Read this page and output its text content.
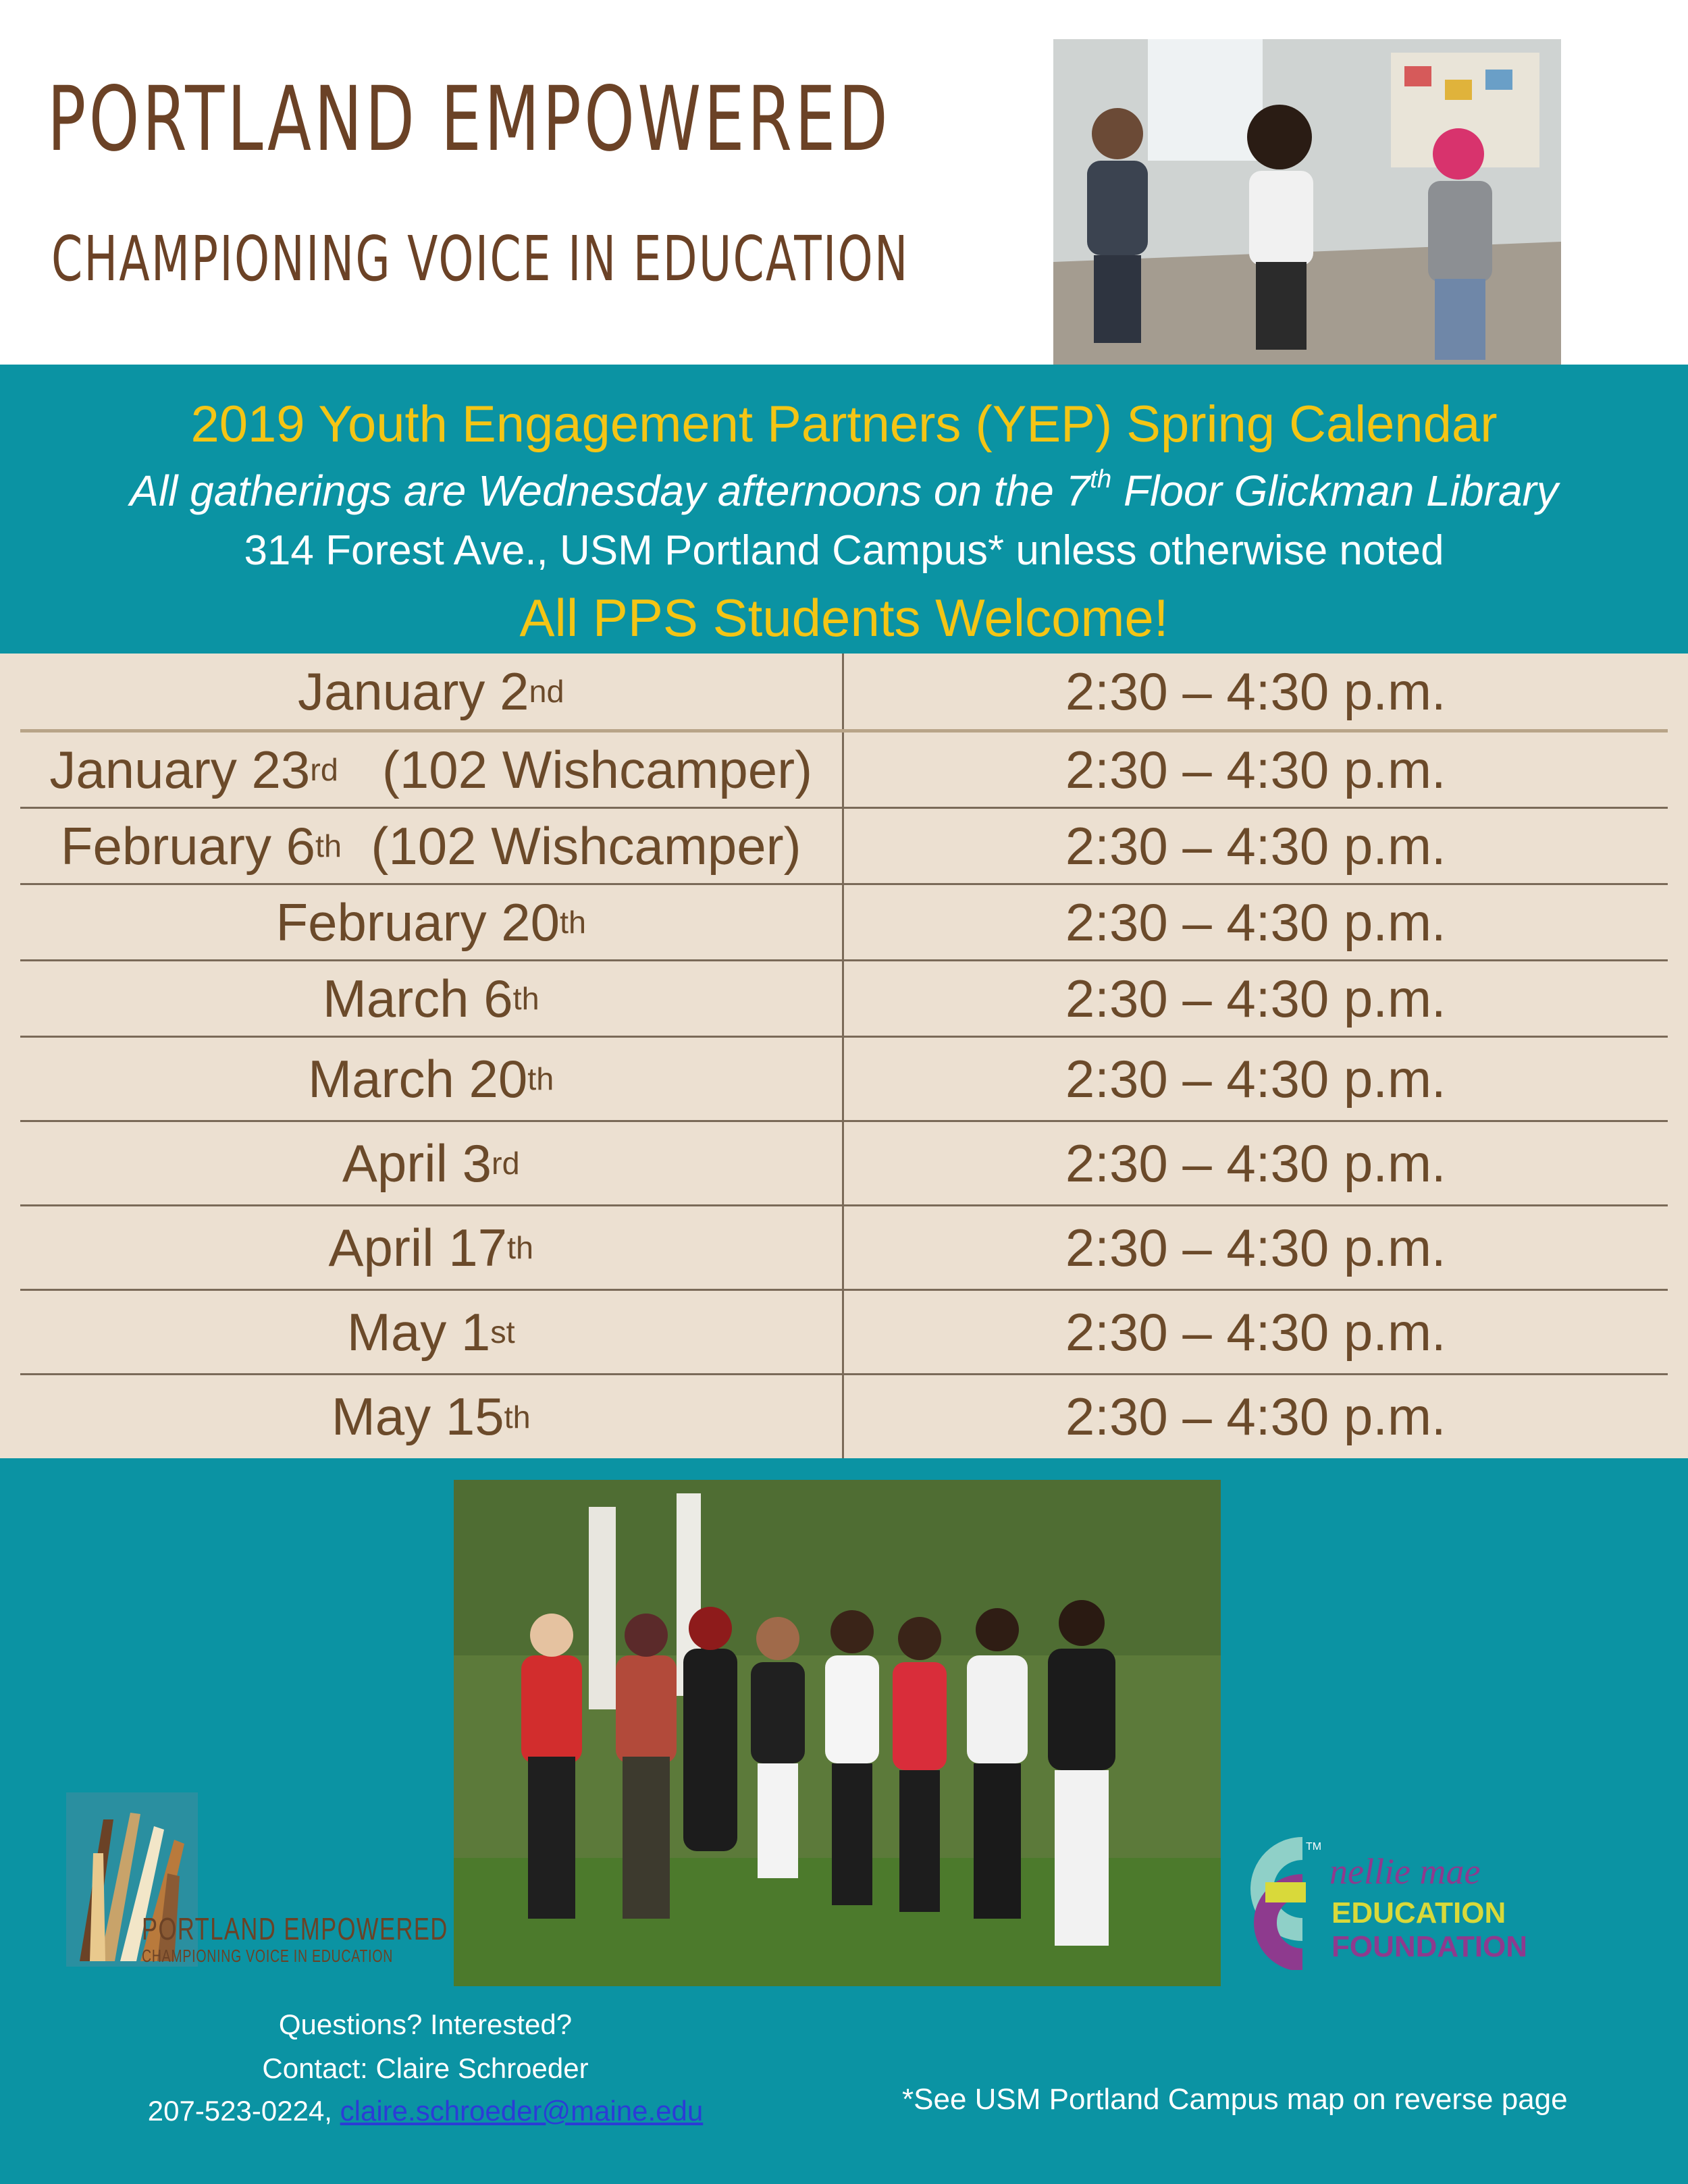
PORTLAND EMPOWERED
CHAMPIONING VOICE IN EDUCATION
2019 Youth Engagement Partners (YEP) Spring Calendar
All gatherings are Wednesday afternoons on the 7th Floor Glickman Library
314 Forest Ave., USM Portland Campus* unless otherwise noted
All PPS Students Welcome!
January 2 nd	2:30 – 4:30 p.m.
January 23 rd (102 Wishcamper)	2:30 – 4:30 p.m.
February 6 th (102 Wishcamper)	2:30 – 4:30 p.m.
February 20 th	2:30 – 4:30 p.m.
March 6 th	2:30 – 4:30 p.m.
March 20 th	2:30 – 4:30 p.m.
April 3 rd	2:30 – 4:30 p.m.
April 17 th	2:30 – 4:30 p.m.
May 1 st	2:30 – 4:30 p.m.
May 15 th	2:30 – 4:30 p.m.
PORTLAND EMPOWERED
CHAMPIONING VOICE IN EDUCATION
TM
nellie mae
EDUCATION
FOUNDATION
Questions? Interested?
Contact: Claire Schroeder
207-523-0224, claire.schroeder@maine.edu	*See USM Portland Campus map on reverse page
